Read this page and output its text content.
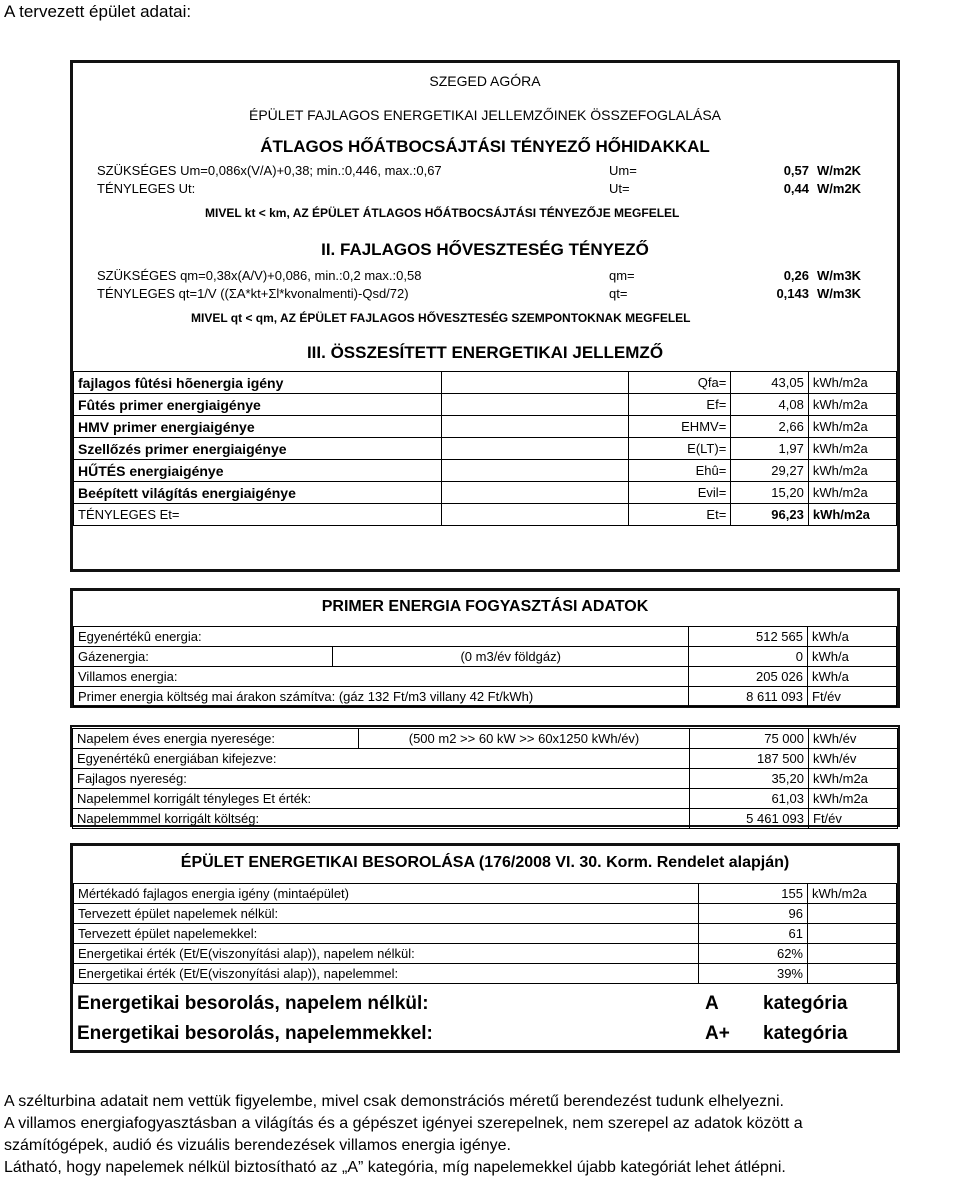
A tervezett épület adatai:
SZEGED AGÓRA
ÉPÜLET FAJLAGOS ENERGETIKAI JELLEMZŐINEK ÖSSZEFOGLALÁSA
ÁTLAGOS HŐÁTBOCSÁJTÁSI TÉNYEZŐ HŐHIDAKKAL
SZÜKSÉGES Um=0,086x(V/A)+0,38; min.:0,446, max.:0,67	Um=	0,57 W/m2K
TÉNYLEGES Ut:	Ut=	0,44 W/m2K
MIVEL kt < km, AZ ÉPÜLET ÁTLAGOS HŐÁTBOCSÁJTÁSI TÉNYEZŐJE MEGFELEL
II. FAJLAGOS HŐVESZTESÉG TÉNYEZŐ
SZÜKSÉGES qm=0,38x(A/V)+0,086, min.:0,2 max.:0,58	qm=	0,26 W/m3K
TÉNYLEGES qt=1/V ((ΣA*kt+Σl*kvonalmenti)-Qsd/72)	qt=	0,143 W/m3K
MIVEL qt < qm, AZ ÉPÜLET FAJLAGOS HŐVESZTESÉG SZEMPONTOKNAK MEGFELEL
III. ÖSSZESÍTETT ENERGETIKAI JELLEMZŐ
fajlagos fûtési hõenergia igény		Qfa=	43,05	kWh/m2a
Fûtés primer energiaigénye		Ef=	4,08	kWh/m2a
HMV primer energiaigénye		EHMV=	2,66	kWh/m2a
Szellőzés primer energiaigénye		E(LT)=	1,97	kWh/m2a
HŰTÉS energiaigénye		Ehû=	29,27	kWh/m2a
Beépített világítás energiaigénye		Evil=	15,20	kWh/m2a
TÉNYLEGES Et=		Et=	96,23	kWh/m2a
PRIMER ENERGIA FOGYASZTÁSI ADATOK
Egyenértékû energia:		512 565	kWh/a
Gázenergia:	(0 m3/év földgáz)	0	kWh/a
Villamos energia:		205 026	kWh/a
Primer energia költség mai árakon számítva: (gáz 132 Ft/m3 villany 42 Ft/kWh)		8 611 093	Ft/év
Napelem éves energia nyeresége:	(500 m2 >> 60 kW >> 60x1250 kWh/év)	75 000	kWh/év
Egyenértékû energiában kifejezve:		187 500	kWh/év
Fajlagos nyereség:		35,20	kWh/m2a
Napelemmel korrigált tényleges Et érték:		61,03	kWh/m2a
Napelemmmel korrigált költség:		5 461 093	Ft/év
ÉPÜLET ENERGETIKAI BESOROLÁSA (176/2008 VI. 30. Korm. Rendelet alapján)
Mértékadó fajlagos energia igény (mintaépület)	155	kWh/m2a
Tervezett épület napelemek nélkül:	96	
Tervezett épület napelemekkel:	61	
Energetikai érték (Et/E(viszonyítási alap)), napelem nélkül:	62%	
Energetikai érték (Et/E(viszonyítási alap)), napelemmel:	39%	
Energetikai besorolás, napelem nélkül:	A	kategória
Energetikai besorolás, napelemmekkel:	A+	kategória
A szélturbina adatait nem vettük figyelembe, mivel csak demonstrációs méretű berendezést tudunk elhelyezni.
A villamos energiafogyasztásban a világítás és a gépészet igényei szerepelnek, nem szerepel az adatok között a
számítógépek, audió és vizuális berendezések villamos energia igénye.
Látható, hogy napelemek nélkül biztosítható az „A” kategória, míg napelemekkel újabb kategóriát lehet átlépni.
